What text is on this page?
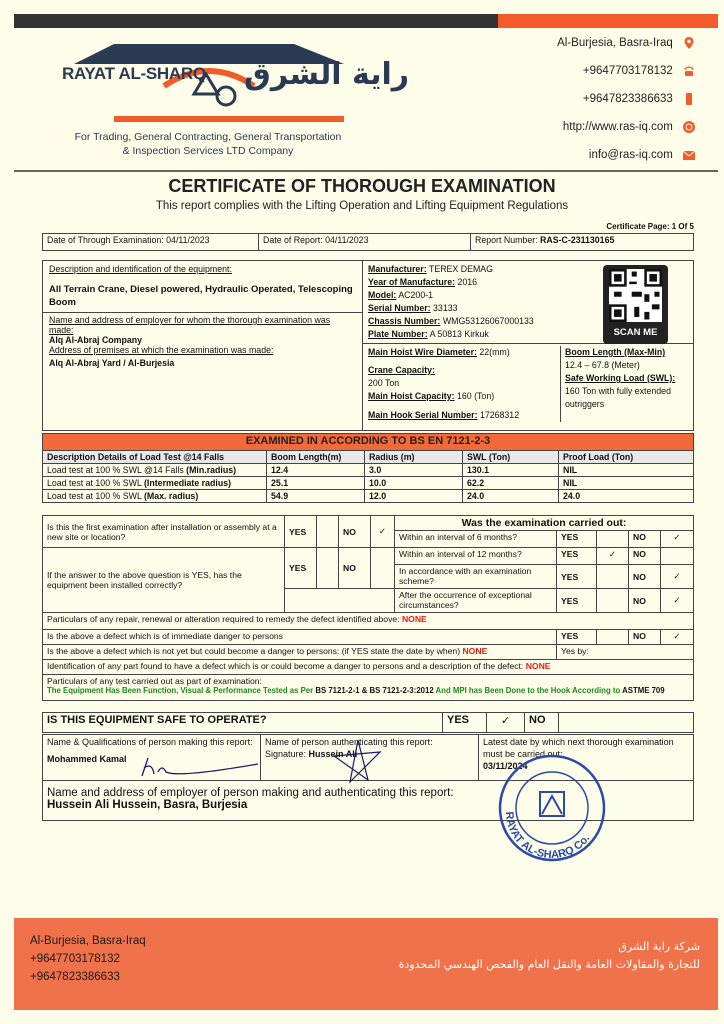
RAYAT AL-SHARQ راية الشرق
For Trading, General Contracting, General Transportation
& Inspection Services LTD Company
Al-Burjesia, Basra-Iraq
+9647703178132
+9647823386633
http://www.ras-iq.com
info@ras-iq.com
CERTIFICATE OF THOROUGH EXAMINATION
This report complies with the Lifting Operation and Lifting Equipment Regulations
Certificate Page: 1 Of 5
Date of Through Examination: 04/11/2023	Date of Report: 04/11/2023	Report Number: RAS-C-231130165
Description and identification of the equipment:
All Terrain Crane, Diesel powered, Hydraulic Operated, Telescoping Boom
Name and address of employer for whom the thorough examination was made:
Alq Al-Abraj Company
Address of premises at which the examination was made:
Alq Al-Abraj Yard / Al-Burjesia

Manufacturer: TEREX DEMAG
Year of Manufacture: 2016
Model: AC200-1
Serial Number: 33133
Chassis Number: WMG53126067000133
Plate Number: A 50813 Kirkuk
Main Hoist Wire Diameter: 22(mm)
Crane Capacity:
200 Ton
Main Hoist Capacity: 160 (Ton)
Main Hook Serial Number: 17268312
Boom Length (Max-Min)
12.4 – 67.8 (Meter)
Safe Working Load (SWL):
160 Ton with fully extended outriggers
SCAN ME
EXAMINED IN ACCORDING TO BS EN 7121-2-3				
Description Details of Load Test @14 Falls	Boom Length(m)	Radius (m)	SWL (Ton)	Proof Load (Ton)
Load test at 100 % SWL @14 Falls (Min.radius)	12.4	3.0	130.1	NIL
Load test at 100 % SWL (Intermediate radius)	25.1	10.0	62.2	NIL
Load test at 100 % SWL (Max. radius)	54.9	12.0	24.0	24.0
Is this the first examination after installation or assembly at a new site or location?	YES		NO	✓	Was the examination carried out:				
					Within an interval of 6 months?	YES		NO	✓
If the answer to the above question is YES, has the equipment been installed correctly?	YES		NO		Within an interval of 12 months?	YES	✓	NO	
					In accordance with an examination scheme?	YES		NO	✓
					After the occurrence of exceptional circumstances?	YES		NO	✓
Particulars of any repair, renewal or alteration required to remedy the defect identified above: NONE									
Is the above a defect which is of immediate danger to persons						YES		NO	✓
Is the above a defect which is not yet but could become a danger to persons: (if YES state the date by when) NONE						Yes by:			
Identification of any part found to have a defect which is or could become a danger to persons and a description of the defect: NONE									

Particulars of any test carried out as part of examination:
The Equipment Has Been Function, Visual & Performance Tested as Per BS 7121-2-1 & BS 7121-2-3:2012 And MPI has Been Done to the Hook According to ASTME 709									
IS THIS EQUIPMENT SAFE TO OPERATE?	YES	✓	NO	
Name & Qualifications of person making this report:
Mohammed Kamal

Name of person authenticating this report:
Signature: Hussein Ali

Latest date by which next thorough examination must be carried out:
03/11/2024

Name and address of employer of person making and authenticating this report:
Hussein Ali Hussein, Basra, Burjesia
RAYAT AL-SHARQ Co.
Al-Burjesia, Basra-Iraq
+9647703178132
+9647823386633
شركة راية الشرق
للتجارة والمقاولات العامة والنقل العام والفحص الهندسي المحدودة
